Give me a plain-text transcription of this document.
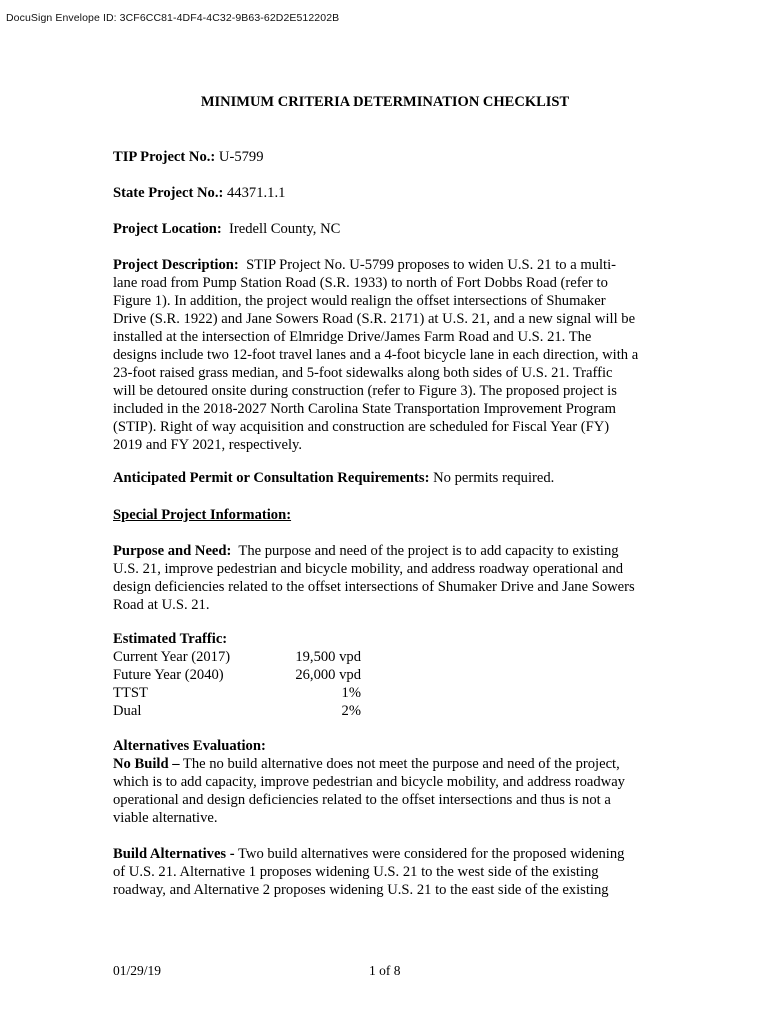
DocuSign Envelope ID: 3CF6CC81-4DF4-4C32-9B63-62D2E512202B
MINIMUM CRITERIA DETERMINATION CHECKLIST
TIP Project No.: U-5799
State Project No.: 44371.1.1
Project Location:  Iredell County, NC
Project Description: STIP Project No. U-5799 proposes to widen U.S. 21 to a multi-
lane road from Pump Station Road (S.R. 1933) to north of Fort Dobbs Road (refer to
Figure 1). In addition, the project would realign the offset intersections of Shumaker
Drive (S.R. 1922) and Jane Sowers Road (S.R. 2171) at U.S. 21, and a new signal will be
installed at the intersection of Elmridge Drive/James Farm Road and U.S. 21. The
designs include two 12-foot travel lanes and a 4-foot bicycle lane in each direction, with a
23-foot raised grass median, and 5-foot sidewalks along both sides of U.S. 21. Traffic
will be detoured onsite during construction (refer to Figure 3). The proposed project is
included in the 2018-2027 North Carolina State Transportation Improvement Program
(STIP). Right of way acquisition and construction are scheduled for Fiscal Year (FY)
2019 and FY 2021, respectively.
Anticipated Permit or Consultation Requirements: No permits required.
Special Project Information:
Purpose and Need: The purpose and need of the project is to add capacity to existing
U.S. 21, improve pedestrian and bicycle mobility, and address roadway operational and
design deficiencies related to the offset intersections of Shumaker Drive and Jane Sowers
Road at U.S. 21.
Estimated Traffic:
Current Year (2017)	19,500 vpd
Future Year (2040)	26,000 vpd
TTST	1%
Dual	2%
Alternatives Evaluation:
No Build – The no build alternative does not meet the purpose and need of the project,
which is to add capacity, improve pedestrian and bicycle mobility, and address roadway
operational and design deficiencies related to the offset intersections and thus is not a
viable alternative.
Build Alternatives - Two build alternatives were considered for the proposed widening
of U.S. 21. Alternative 1 proposes widening U.S. 21 to the west side of the existing
roadway, and Alternative 2 proposes widening U.S. 21 to the east side of the existing
01/29/19	1 of 8
